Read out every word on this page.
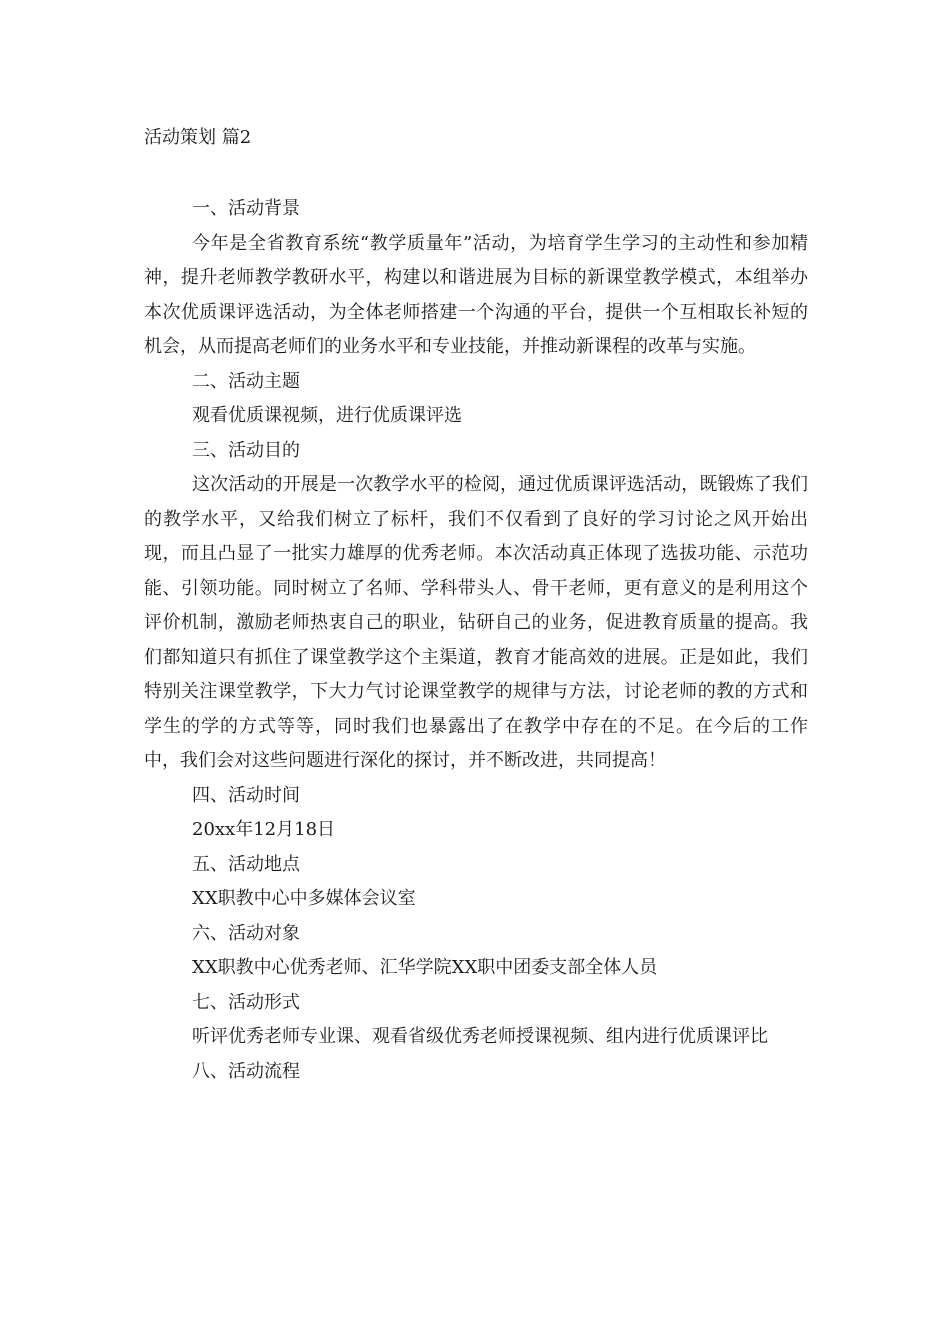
活动策划 篇2

一、活动背景

今年是全省教育系统“教学质量年”活动，为培育学生学习的主动性和参加精神，提升老师教学教研水平，构建以和谐进展为目标的新课堂教学模式，本组举办本次优质课评选活动，为全体老师搭建一个沟通的平台，提供一个互相取长补短的机会，从而提高老师们的业务水平和专业技能，并推动新课程的改革与实施。

二、活动主题

观看优质课视频，进行优质课评选

三、活动目的

这次活动的开展是一次教学水平的检阅，通过优质课评选活动，既锻炼了我们的教学水平，又给我们树立了标杆，我们不仅看到了良好的学习讨论之风开始出现，而且凸显了一批实力雄厚的优秀老师。本次活动真正体现了选拔功能、示范功能、引领功能。同时树立了名师、学科带头人、骨干老师，更有意义的是利用这个评价机制，激励老师热衷自己的职业，钻研自己的业务，促进教育质量的提高。我们都知道只有抓住了课堂教学这个主渠道，教育才能高效的进展。正是如此，我们特别关注课堂教学，下大力气讨论课堂教学的规律与方法，讨论老师的教的方式和学生的学的方式等等，同时我们也暴露出了在教学中存在的不足。在今后的工作中，我们会对这些问题进行深化的探讨，并不断改进，共同提高！

四、活动时间

20xx年12月18日

五、活动地点

XX职教中心中多媒体会议室

六、活动对象

XX职教中心优秀老师、汇华学院XX职中团委支部全体人员

七、活动形式

听评优秀老师专业课、观看省级优秀老师授课视频、组内进行优质课评比

八、活动流程
